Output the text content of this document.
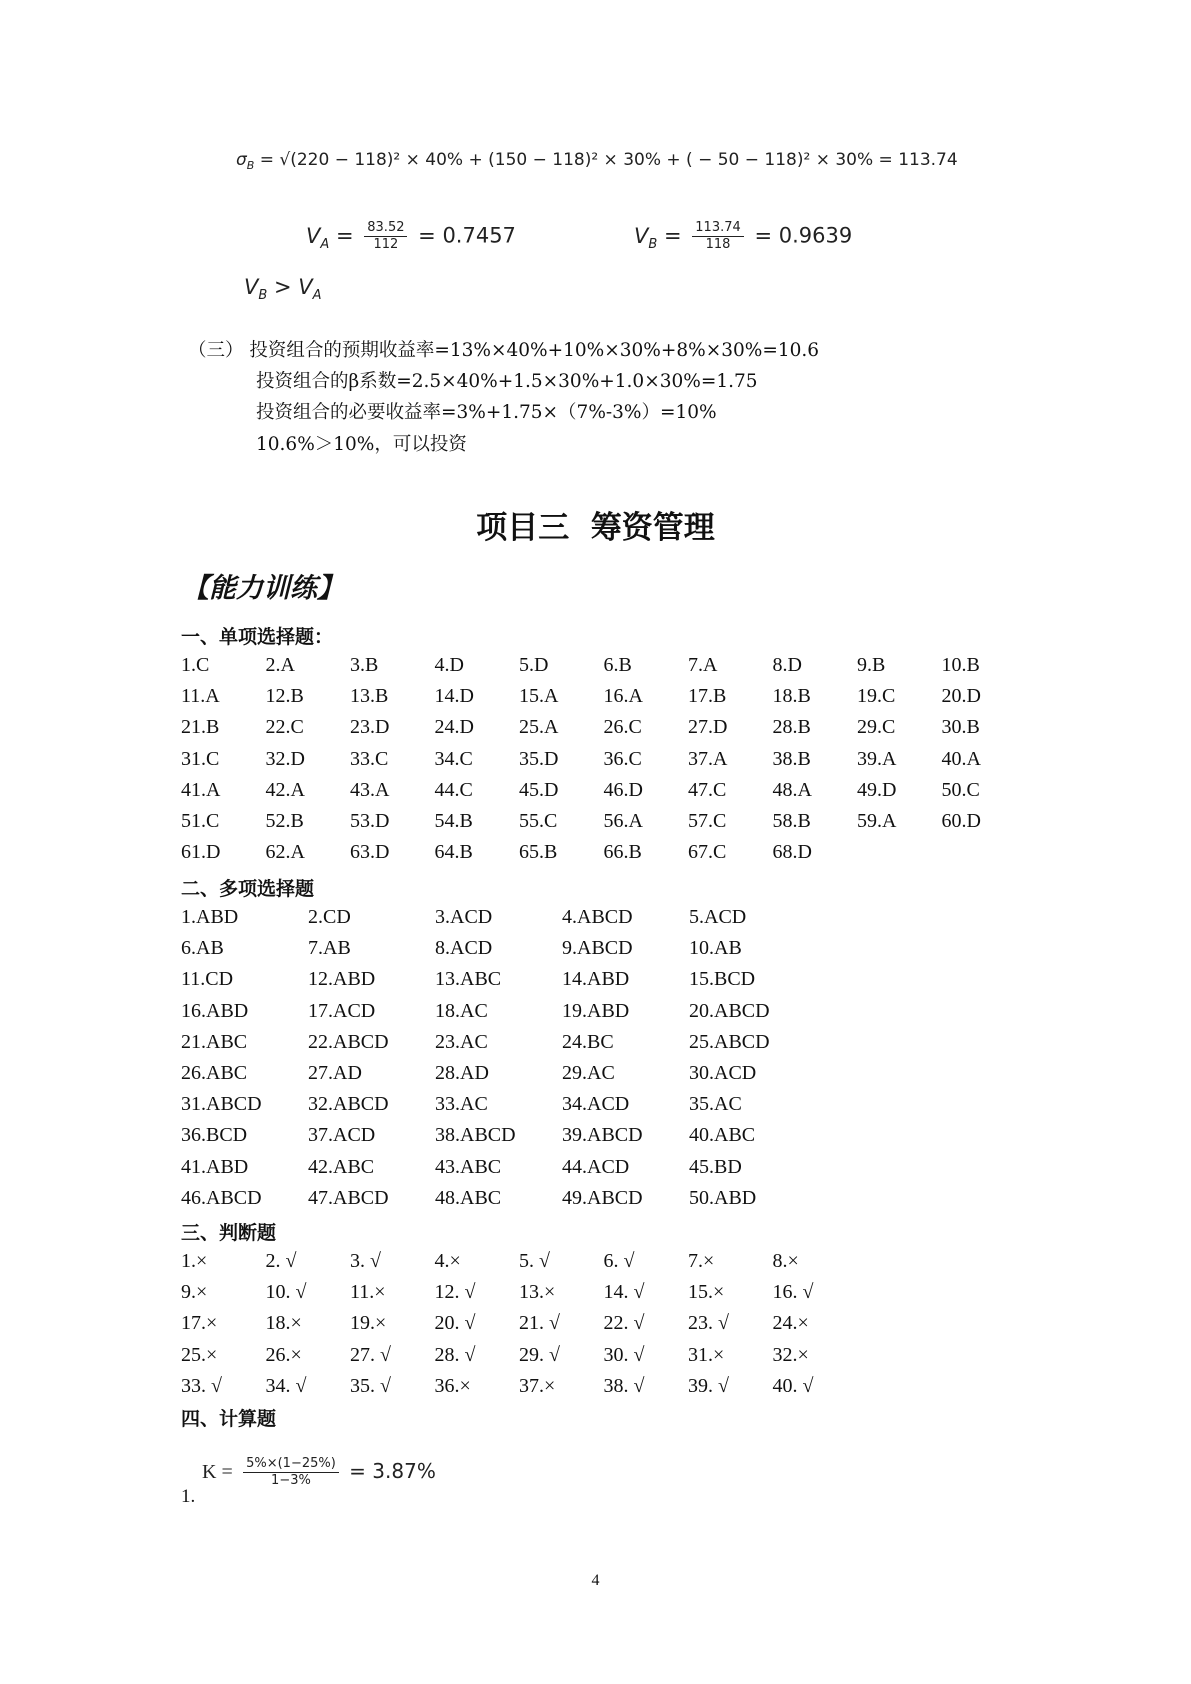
$\sigma_B = √(220 - 118)^2 \times 40\% + (150 - 118)^2 \times 30\%$ + ( − 50 − 118)² × 30% = 113.74
$V_A = \frac{83.52}{112} = 0.7457$	$V_B = \frac{113.74}{118} = 0.9639$
$V_B > V_A$
（三） 投资组合的预期收益率=13%×40%+10%×30%+8%×30%=10.6
投资组合的β系数=2.5×40%+1.5×30%+1.0×30%=1.75
投资组合的必要收益率=3%+1.75×（7%-3%）=10%
10.6%＞10%，可以投资
项目三  筹资管理
【能力训练】
一、单项选择题：
1.C	2.A	3.B	4.D	5.D	6.B	7.A	8.D	9.B	10.B
11.A 12.B 13.B 14.D 15.A 16.A 17.B 18.B 19.C 20.D
21.B 22.C 23.D 24.D 25.A 26.C 27.D 28.B 29.C 30.B
31.C 32.D 33.C 34.C 35.D 36.C 37.A 38.B 39.A 40.A
41.A 42.A 43.A 44.C 45.D 46.D 47.C 48.A 49.D 50.C
51.C 52.B 53.D 54.B 55.C 56.A 57.C 58.B 59.A 60.D
61.D 62.A 63.D 64.B 65.B 66.B 67.C 68.D
二、多项选择题
1.ABD	2.CD	3.ACD	4.ABCD	5.ACD
6.AB	7.AB	8.ACD	9.ABCD	10.AB
11.CD	12.ABD	13.ABC	14.ABD	15.BCD
16.ABD	17.ACD	18.AC	19.ABD	20.ABCD
21.ABC	22.ABCD 23.AC	24.BC	25.ABCD
26.ABC	27.AD	28.AD	29.AC	30.ACD
31.ABCD 32.ABCD 33.AC	34.ACD	35.AC
36.BCD	37.ACD	38.ABCD 39.ABCD 40.ABC
41.ABD	42.ABC	43.ABC	44.ACD	45.BD
46.ABCD 47.ABCD 48.ABC	49.ABCD 50.ABD
三、判断题
1.×	2. √	3. √	4.×	5. √	6. √	7.×	8.×
9.×	10. √ 11.× 12. √ 13.× 14. √ 15.× 16. √
17.× 18.× 19.× 20. √ 21. √ 22. √ 23. √ 24.×
25.× 26.× 27. √ 28. √ 29. √ 30. √ 31.× 32.×
33. √ 34. √ 35. √ 36.× 37.× 38. √ 39. √ 40. √
四、计算题
$K = \frac{5\%\times(1-25\%)}{1-3\%} = 3.87\%$
1.
4
